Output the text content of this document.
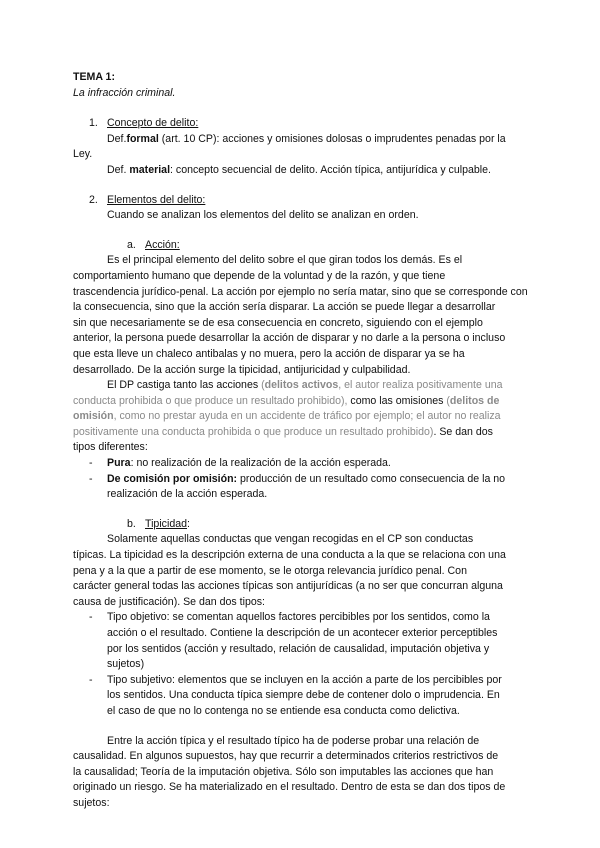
TEMA 1:

La infracción criminal.

1. Concepto de delito:

Def.formal (art. 10 CP): acciones y omisiones dolosas o imprudentes penadas por la

Ley.

Def. material: concepto secuencial de delito. Acción típica, antijurídica y culpable.

2. Elementos del delito:

Cuando se analizan los elementos del delito se analizan en orden.

a. Acción:

Es el principal elemento del delito sobre el que giran todos los demás. Es el

comportamiento humano que depende de la voluntad y de la razón, y que tiene

trascendencia jurídico-penal. La acción por ejemplo no sería matar, sino que se corresponde con

la consecuencia, sino que la acción sería disparar. La acción se puede llegar a desarrollar

sin que necesariamente se de esa consecuencia en concreto, siguiendo con el ejemplo

anterior, la persona puede desarrollar la acción de disparar y no darle a la persona o incluso

que esta lleve un chaleco antibalas y no muera, pero la acción de disparar ya se ha

desarrollado. De la acción surge la tipicidad, antijuricidad y culpabilidad.

El DP castiga tanto las acciones (delitos activos, el autor realiza positivamente una

conducta prohibida o que produce un resultado prohibido), como las omisiones (delitos de

omisión, como no prestar ayuda en un accidente de tráfico por ejemplo; el autor no realiza

positivamente una conducta prohibida o que produce un resultado prohibido). Se dan dos

tipos diferentes:

- Pura: no realización de la realización de la acción esperada.

- De comisión por omisión: producción de un resultado como consecuencia de la no

realización de la acción esperada.

b. Tipicidad:

Solamente aquellas conductas que vengan recogidas en el CP son conductas

típicas. La tipicidad es la descripción externa de una conducta a la que se relaciona con una

pena y a la que a partir de ese momento, se le otorga relevancia jurídico penal. Con

carácter general todas las acciones típicas son antijurídicas (a no ser que concurran alguna

causa de justificación). Se dan dos tipos:

- Tipo objetivo: se comentan aquellos factores percibibles por los sentidos, como la

acción o el resultado. Contiene la descripción de un acontecer exterior perceptibles

por los sentidos (acción y resultado, relación de causalidad, imputación objetiva y

sujetos)

- Tipo subjetivo: elementos que se incluyen en la acción a parte de los percibibles por

los sentidos. Una conducta típica siempre debe de contener dolo o imprudencia. En

el caso de que no lo contenga no se entiende esa conducta como delictiva.

Entre la acción típica y el resultado típico ha de poderse probar una relación de

causalidad. En algunos supuestos, hay que recurrir a determinados criterios restrictivos de

la causalidad; Teoría de la imputación objetiva. Sólo son imputables las acciones que han

originado un riesgo. Se ha materializado en el resultado. Dentro de esta se dan dos tipos de

sujetos:
